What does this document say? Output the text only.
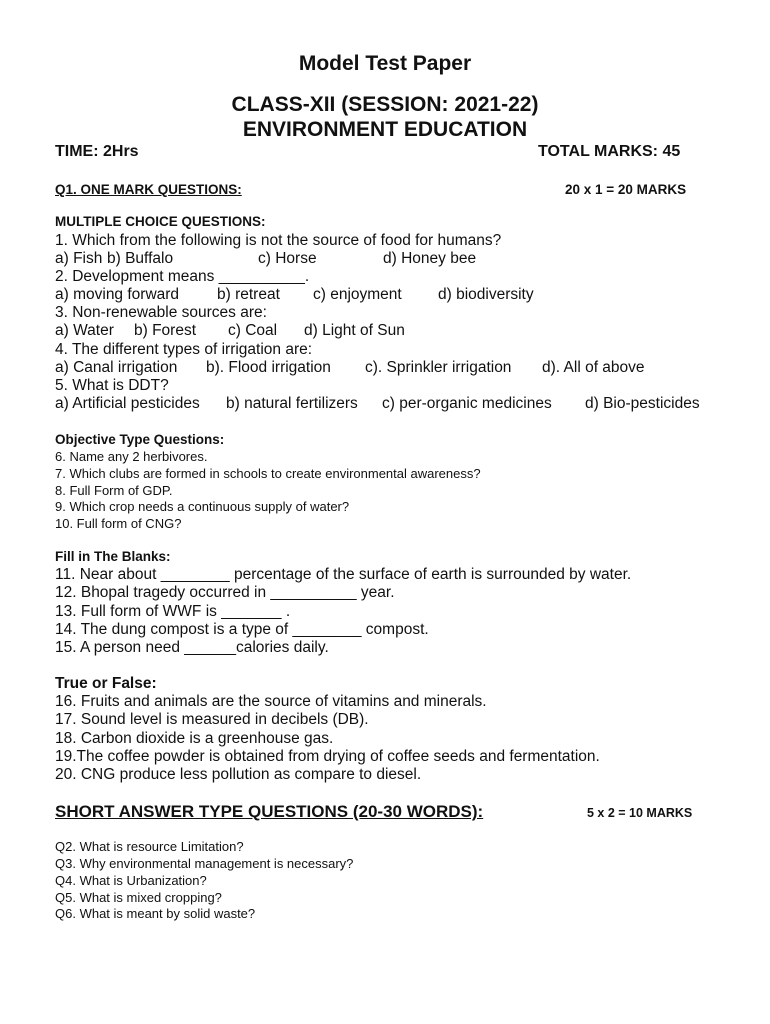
Model Test Paper
CLASS-XII (SESSION: 2021-22)
ENVIRONMENT EDUCATION
TIME: 2Hrs	TOTAL MARKS: 45
Q1. ONE MARK QUESTIONS:	20 x 1 = 20 MARKS
MULTIPLE CHOICE QUESTIONS:
1. Which from the following is not the source of food for humans?
a) Fish b) Buffalo	c) Horse	d) Honey bee
2. Development means __________.
a) moving forward b) retreat c) enjoyment d) biodiversity
3. Non-renewable sources are:
a) Water b) Forest c) Coal d) Light of Sun
4. The different types of irrigation are:
a) Canal irrigation b). Flood irrigation c). Sprinkler irrigation d). All of above
5. What is DDT?
a) Artificial pesticides b) natural fertilizers c) per-organic medicines d) Bio-pesticides
Objective Type Questions:
6. Name any 2 herbivores.
7. Which clubs are formed in schools to create environmental awareness?
8. Full Form of GDP.
9. Which crop needs a continuous supply of water?
10. Full form of CNG?
Fill in The Blanks:
11. Near about ________ percentage of the surface of earth is surrounded by water.
12. Bhopal tragedy occurred in __________ year.
13. Full form of WWF is _______ .
14. The dung compost is a type of ________ compost.
15. A person need ______calories daily.
True or False:
16. Fruits and animals are the source of vitamins and minerals.
17. Sound level is measured in decibels (DB).
18. Carbon dioxide is a greenhouse gas.
19.The coffee powder is obtained from drying of coffee seeds and fermentation.
20. CNG produce less pollution as compare to diesel.
SHORT ANSWER TYPE QUESTIONS (20-30 WORDS):	5 x 2 = 10 MARKS
Q2. What is resource Limitation?
Q3. Why environmental management is necessary?
Q4. What is Urbanization?
Q5. What is mixed cropping?
Q6. What is meant by solid waste?
